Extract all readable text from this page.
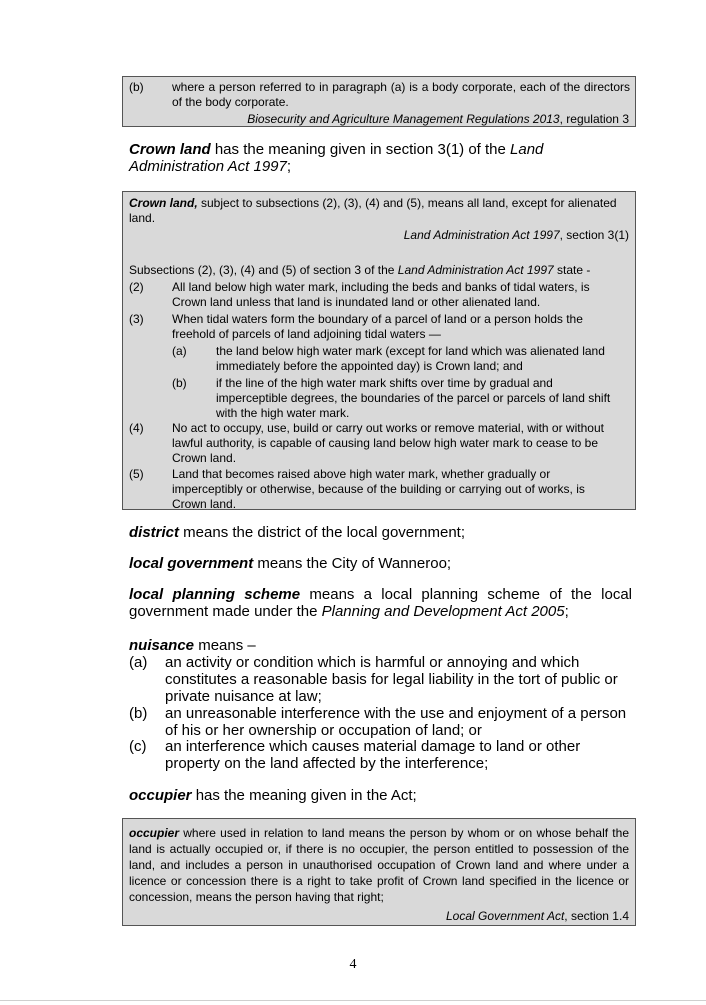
(b) where a person referred to in paragraph (a) is a body corporate, each of the directors of the body corporate.
Biosecurity and Agriculture Management Regulations 2013, regulation 3
Crown land has the meaning given in section 3(1) of the Land Administration Act 1997;
Crown land, subject to subsections (2), (3), (4) and (5), means all land, except for alienated land.
Land Administration Act 1997, section 3(1)
Subsections (2), (3), (4) and (5) of section 3 of the Land Administration Act 1997 state -
(2) All land below high water mark, including the beds and banks of tidal waters, is Crown land unless that land is inundated land or other alienated land.
(3) When tidal waters form the boundary of a parcel of land or a person holds the freehold of parcels of land adjoining tidal waters —
(a) the land below high water mark (except for land which was alienated land immediately before the appointed day) is Crown land; and
(b) if the line of the high water mark shifts over time by gradual and imperceptible degrees, the boundaries of the parcel or parcels of land shift with the high water mark.
(4) No act to occupy, use, build or carry out works or remove material, with or without lawful authority, is capable of causing land below high water mark to cease to be Crown land.
(5) Land that becomes raised above high water mark, whether gradually or imperceptibly or otherwise, because of the building or carrying out of works, is Crown land.
district means the district of the local government;
local government means the City of Wanneroo;
local planning scheme means a local planning scheme of the local government made under the Planning and Development Act 2005;
nuisance means –
(a) an activity or condition which is harmful or annoying and which constitutes a reasonable basis for legal liability in the tort of public or private nuisance at law;
(b) an unreasonable interference with the use and enjoyment of a person of his or her ownership or occupation of land; or
(c) an interference which causes material damage to land or other property on the land affected by the interference;
occupier has the meaning given in the Act;
occupier where used in relation to land means the person by whom or on whose behalf the land is actually occupied or, if there is no occupier, the person entitled to possession of the land, and includes a person in unauthorised occupation of Crown land and where under a licence or concession there is a right to take profit of Crown land specified in the licence or concession, means the person having that right;
Local Government Act, section 1.4
4
